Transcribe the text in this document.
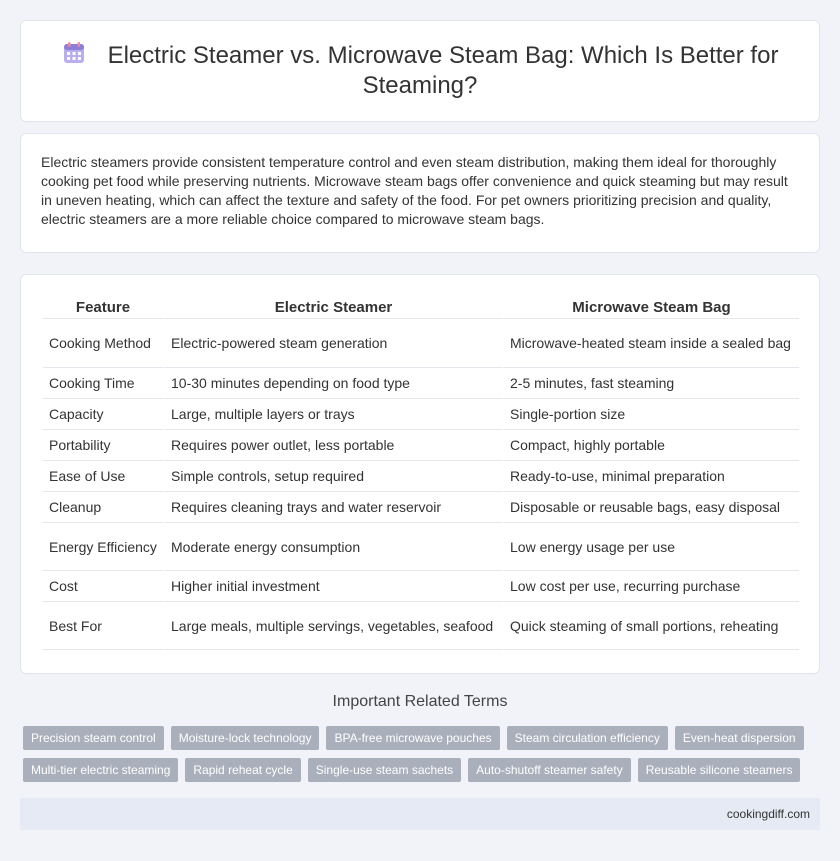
Electric Steamer vs. Microwave Steam Bag: Which Is Better for Steaming?

Electric steamers provide consistent temperature control and even steam distribution, making them ideal for thoroughly cooking pet food while preserving nutrients. Microwave steam bags offer convenience and quick steaming but may result in uneven heating, which can affect the texture and safety of the food. For pet owners prioritizing precision and quality, electric steamers are a more reliable choice compared to microwave steam bags.

Feature	Electric Steamer	Microwave Steam Bag
Cooking Method	Electric-powered steam generation	Microwave-heated steam inside a sealed bag
Cooking Time	10-30 minutes depending on food type	2-5 minutes, fast steaming
Capacity	Large, multiple layers or trays	Single-portion size
Portability	Requires power outlet, less portable	Compact, highly portable
Ease of Use	Simple controls, setup required	Ready-to-use, minimal preparation
Cleanup	Requires cleaning trays and water reservoir	Disposable or reusable bags, easy disposal
Energy Efficiency	Moderate energy consumption	Low energy usage per use
Cost	Higher initial investment	Low cost per use, recurring purchase
Best For	Large meals, multiple servings, vegetables, seafood	Quick steaming of small portions, reheating
Important Related Terms
Precision steam control	Moisture-lock technology	BPA-free microwave pouches	Steam circulation efficiency	Even-heat dispersion
Multi-tier electric steaming	Rapid reheat cycle	Single-use steam sachets	Auto-shutoff steamer safety	Reusable silicone steamers
cookingdiff.com
